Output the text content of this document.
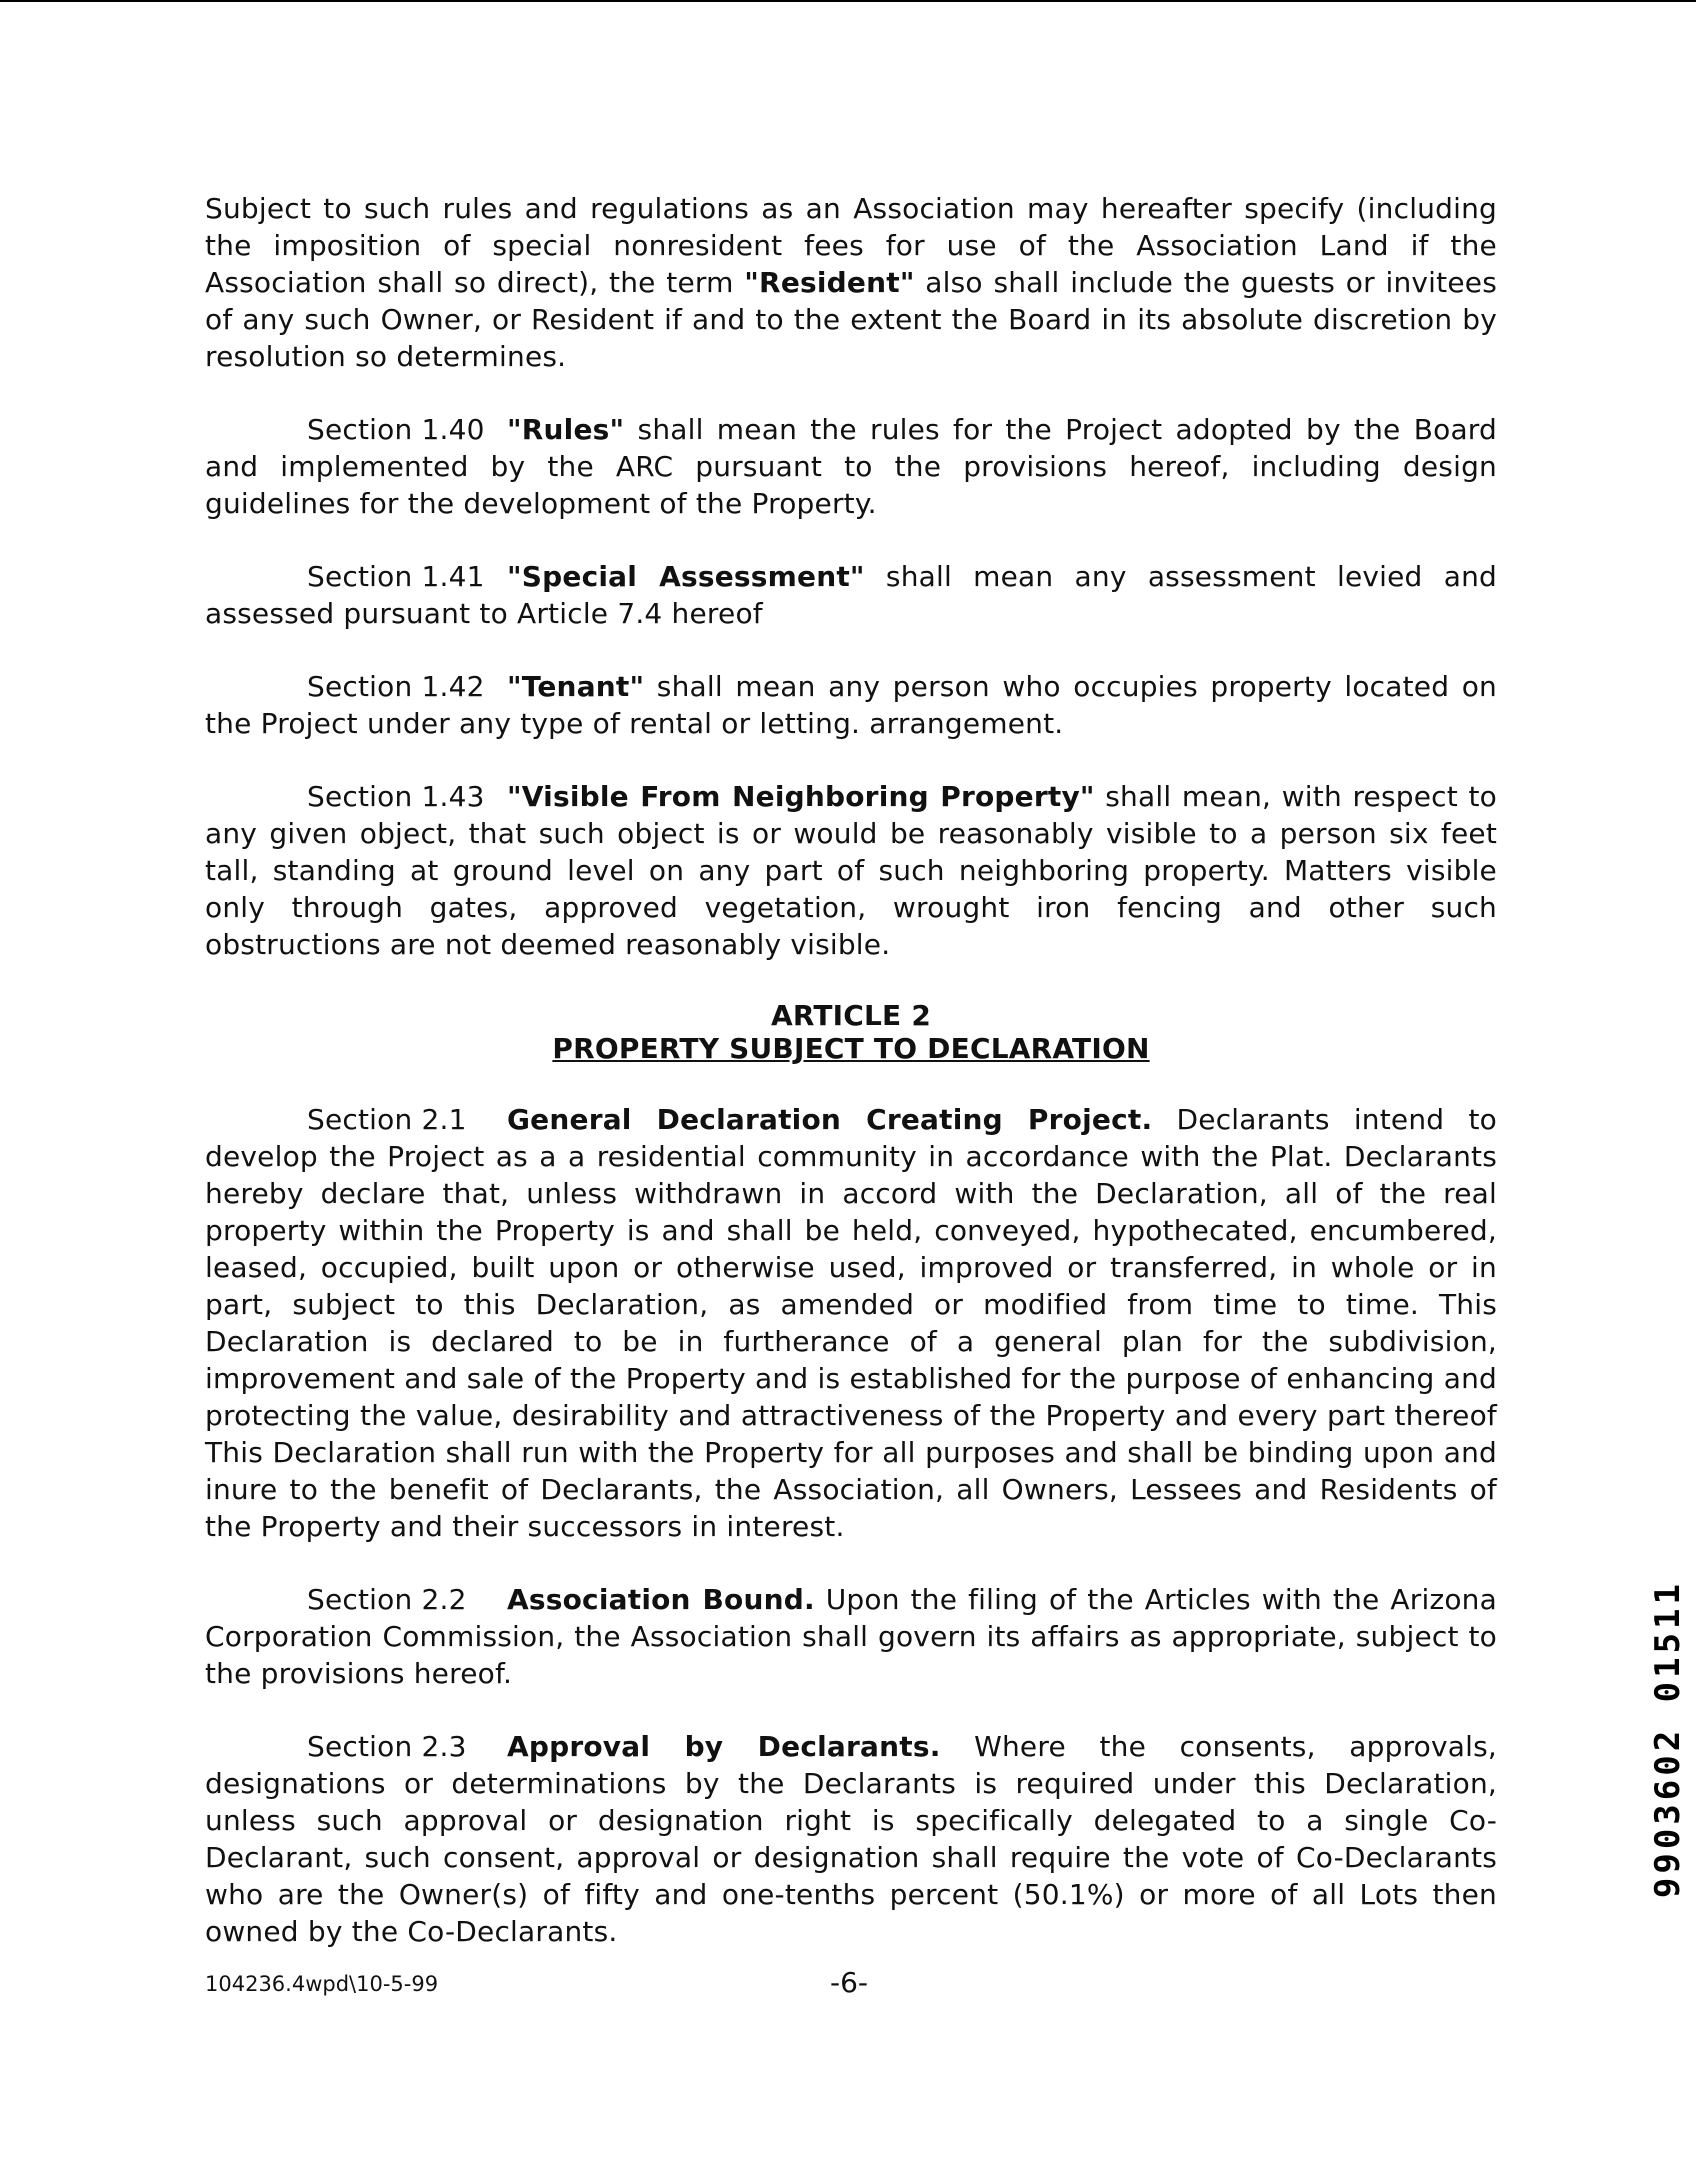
Subject to such rules and regulations as an Association may hereafter specify (including the imposition of special nonresident fees for use of the Association Land if the Association shall so direct), the term "Resident" also shall include the guests or invitees of any such Owner, or Resident if and to the extent the Board in its absolute discretion by resolution so determines.

Section 1.40 "Rules" shall mean the rules for the Project adopted by the Board and implemented by the ARC pursuant to the provisions hereof, including design guidelines for the development of the Property.

Section 1.41 "Special Assessment" shall mean any assessment levied and assessed pursuant to Article 7.4 hereof

Section 1.42 "Tenant" shall mean any person who occupies property located on the Project under any type of rental or letting. arrangement.

Section 1.43 "Visible From Neighboring Property" shall mean, with respect to any given object, that such object is or would be reasonably visible to a person six feet tall, standing at ground level on any part of such neighboring property. Matters visible only through gates, approved vegetation, wrought iron fencing and other such obstructions are not deemed reasonably visible.

ARTICLE 2
PROPERTY SUBJECT TO DECLARATION

Section 2.1 General Declaration Creating Project. Declarants intend to develop the Project as a a residential community in accordance with the Plat. Declarants hereby declare that, unless withdrawn in accord with the Declaration, all of the real property within the Property is and shall be held, conveyed, hypothecated, encumbered, leased, occupied, built upon or otherwise used, improved or transferred, in whole or in part, subject to this Declaration, as amended or modified from time to time. This Declaration is declared to be in furtherance of a general plan for the subdivision, improvement and sale of the Property and is established for the purpose of enhancing and protecting the value, desirability and attractiveness of the Property and every part thereof This Declaration shall run with the Property for all purposes and shall be binding upon and inure to the benefit of Declarants, the Association, all Owners, Lessees and Residents of the Property and their successors in interest.

Section 2.2 Association Bound. Upon the filing of the Articles with the Arizona Corporation Commission, the Association shall govern its affairs as appropriate, subject to the provisions hereof.

Section 2.3 Approval by Declarants. Where the consents, approvals, designations or determinations by the Declarants is required under this Declaration, unless such approval or designation right is specifically delegated to a single Co-Declarant, such consent, approval or designation shall require the vote of Co-Declarants who are the Owner(s) of fifty and one-tenths percent (50.1%) or more of all Lots then owned by the Co-Declarants.

104236.4wpd\10-5-99	-6-
9903602 01511
